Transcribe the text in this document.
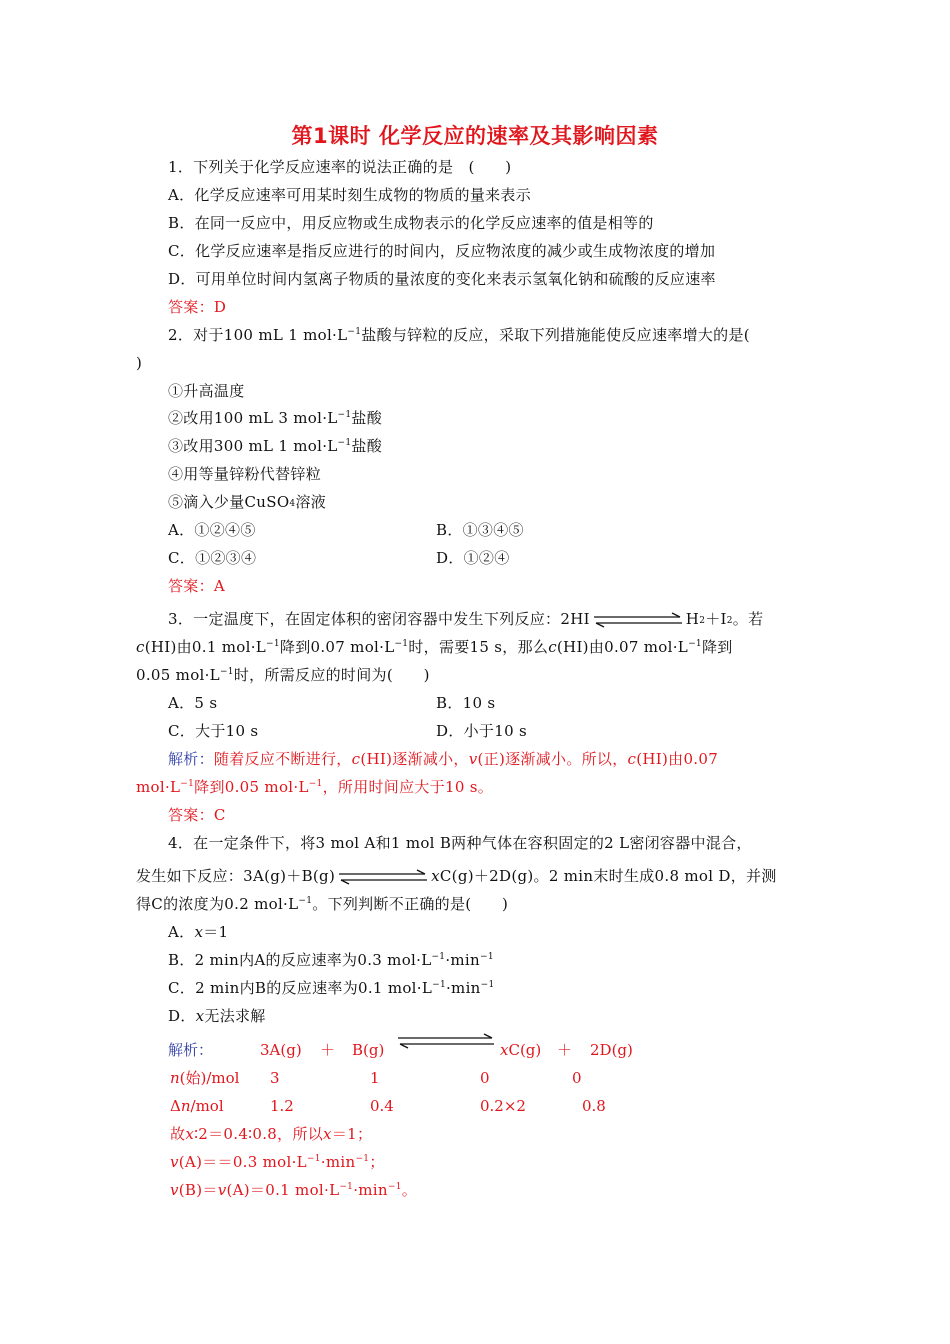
第1课时 化学反应的速率及其影响因素
1．下列关于化学反应速率的说法正确的是　(　　)
A．化学反应速率可用某时刻生成物的物质的量来表示
B．在同一反应中，用反应物或生成物表示的化学反应速率的值是相等的
C．化学反应速率是指反应进行的时间内，反应物浓度的减少或生成物浓度的增加
D．可用单位时间内氢离子物质的量浓度的变化来表示氢氧化钠和硫酸的反应速率
答案：D
2．对于100 mL 1 $mol\cdot L^{-1}$盐酸与锌粒的反应，采取下列措施能使反应速率增大的是(
)
①升高温度
②改用100 mL 3 $mol\cdot L^{-1}$盐酸
③改用300 mL 1 $mol\cdot L^{-1}$盐酸
④用等量锌粉代替锌粒
⑤滴入少量CuSO$_4$溶液
A．①②④⑤	B．①③④⑤
C．①②③④	D．①②④
答案：A
3．一定温度下，在固定体积的密闭容器中发生下列反应：2HI	$H_2+I_2$。若
c(HI)由0.1 $mol\cdot L^{-1}$降到0.07 $mol\cdot L^{-1}$时，需要15 s，那么c(HI)由0.07 $mol\cdot L^{-1}$降到
0.05 $mol\cdot L^{-1}$时，所需反应的时间为(　　)
A．5 s	B．10 s
C．大于10 s	D．小于10 s
解析：随着反应不断进行，c(HI)逐渐减小，v(正)逐渐减小。所以，c(HI)由0.07
$mol\cdot L^{-1}$降到0.05 $mol\cdot L^{-1}$，所用时间应大于10 s。
答案：C
4．在一定条件下，将3 mol A和1 mol B两种气体在容积固定的2 L密闭容器中混合，
发生如下反应：3A(g)＋B(g)	xC(g)＋2D(g)。2 min末时生成0.8 mol D，并测
得C的浓度为0.2 $mol\cdot L^{-1}$。下列判断不正确的是(　　)
A．x＝1
B．2 min内A的反应速率为0.3 $mol\cdot L^{-1}\cdot\min^{-1}$
C．2 min内B的反应速率为0.1 $mol\cdot L^{-1}\cdot\min^{-1}$
D．x无法求解
解析：	3A(g) ＋ B(g)	xC(g) ＋ 2D(g)
n(始)/mol 3	1	0	0
Δn/mol	1.2	0.4	0.2×2	0.8
故x∶2＝0.4∶0.8，所以x＝1；
v(A)＝＝0.3 $mol\cdot L^{-1}\cdot\min^{-1}$；
v(B)＝v(A)＝0.1 $mol\cdot L^{-1}\cdot\min^{-1}$。
